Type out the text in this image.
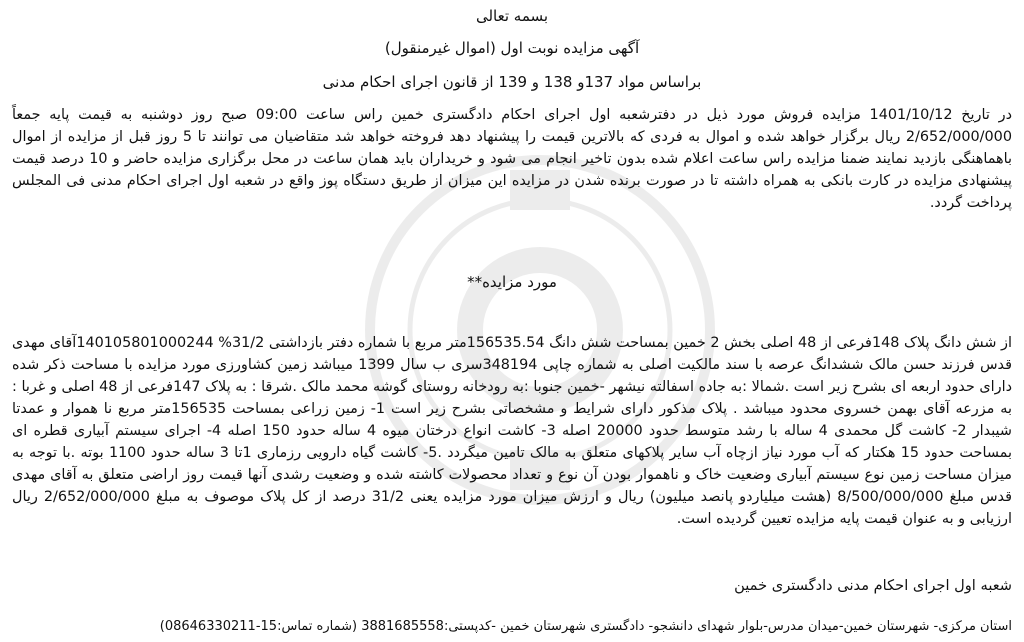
بسمه تعالی
آگهی مزایده نوبت اول (اموال غیرمنقول)
براساس مواد 137و 138 و 139 از قانون اجرای احکام مدنی

در تاریخ 1401/10/12 مزایده فروش مورد ذیل در دفترشعبه اول اجرای احکام دادگستری خمین راس ساعت 09:00 صبح روز دوشنبه به قیمت پایه جمعاً 2/652/000/000 ریال برگزار خواهد شده و اموال به فردی که بالاترین قیمت را پیشنهاد دهد فروخته خواهد شد متقاضیان می توانند تا 5 روز قبل از مزایده از اموال باهماهنگی بازدید نمایند ضمنا مزایده راس ساعت اعلام شده بدون تاخیر انجام می شود و خریداران باید همان ساعت در محل برگزاری مزایده حاضر و 10 درصد قیمت پیشنهادی مزایده در کارت بانکی به همراه داشته تا در صورت برنده شدن در مزایده این میزان از طریق دستگاه پوز واقع در شعبه اول اجرای احکام مدنی فی المجلس پرداخت گردد.

مورد مزایده**

از شش دانگ پلاک 148فرعی از 48 اصلی بخش 2 خمین بمساحت شش دانگ 156535.54متر مربع با شماره دفتر بازداشتی 31/2% 140105801000244آقای مهدی قدس فرزند حسن مالک ششدانگ عرصه با سند مالکیت اصلی به شماره چاپی 348194سری ب سال 1399 میباشد زمین کشاورزی مورد مزایده با مساحت ذکر شده دارای حدود اربعه ای بشرح زیر است .شمالا :به جاده اسفالته نیشهر -خمین جنوبا :به رودخانه روستای گوشه محمد مالک .شرقا : به پلاک 147فرعی از 48 اصلی و غربا : به مزرعه آقای بهمن خسروی محدود میباشد . پلاک مذکور دارای شرایط و مشخصاتی بشرح زیر است 1- زمین زراعی بمساحت 156535متر مربع نا هموار و عمدتا شیبدار 2- کاشت گل محمدی 4 ساله با رشد متوسط حدود 20000 اصله 3- کاشت انواع درختان میوه 4 ساله حدود 150 اصله 4- اجرای سیستم آبیاری قطره ای بمساحت حدود 15 هکتار که آب مورد نیاز ازچاه آب سایر پلاکهای متعلق به مالک تامین میگردد .5- کاشت گیاه دارویی رزماری 1تا 3 ساله حدود 1100 بوته .با توجه به میزان مساحت زمین نوع سیستم آبیاری وضعیت خاک و ناهموار بودن آن نوع و تعداد محصولات کاشته شده و وضعیت رشدی آنها قیمت روز اراضی متعلق به آقای مهدی قدس مبلغ 8/500/000/000 (هشت میلیاردو پانصد میلیون) ریال و ارزش میزان مورد مزایده یعنی 31/2 درصد از کل پلاک موصوف به مبلغ 2/652/000/000 ریال ارزیابی و به عنوان قیمت پایه مزایده تعیین گردیده است.

شعبه اول اجرای احکام مدنی دادگستری خمین
استان مرکزی- شهرستان خمین-میدان مدرس-بلوار شهدای دانشجو- دادگستری شهرستان خمین -کدپستی:3881685558 (شماره تماس:15-08646330211)
